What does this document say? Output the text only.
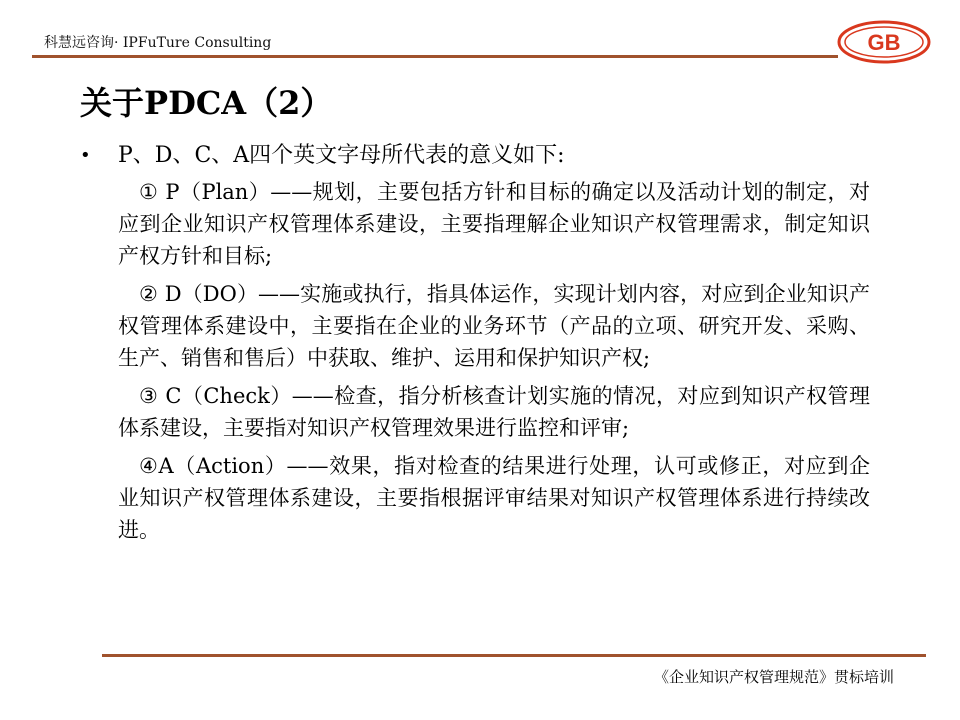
科慧远咨询· IPFuTure Consulting	GB
关于PDCA（2）
•	P、D、C、A四个英文字母所代表的意义如下:
① P（Plan）——规划，主要包括方针和目标的确定以及活动计划的制定，对应到企业知识产权管理体系建设，主要指理解企业知识产权管理需求，制定知识产权方针和目标;
② D（DO）——实施或执行，指具体运作，实现计划内容，对应到企业知识产权管理体系建设中，主要指在企业的业务环节（产品的立项、研究开发、采购、生产、销售和售后）中获取、维护、运用和保护知识产权;
③ C（Check）——检查，指分析核查计划实施的情况，对应到知识产权管理体系建设，主要指对知识产权管理效果进行监控和评审;
④A（Action）——效果，指对检查的结果进行处理，认可或修正，对应到企业知识产权管理体系建设，主要指根据评审结果对知识产权管理体系进行持续改进。
《企业知识产权管理规范》贯标培训
